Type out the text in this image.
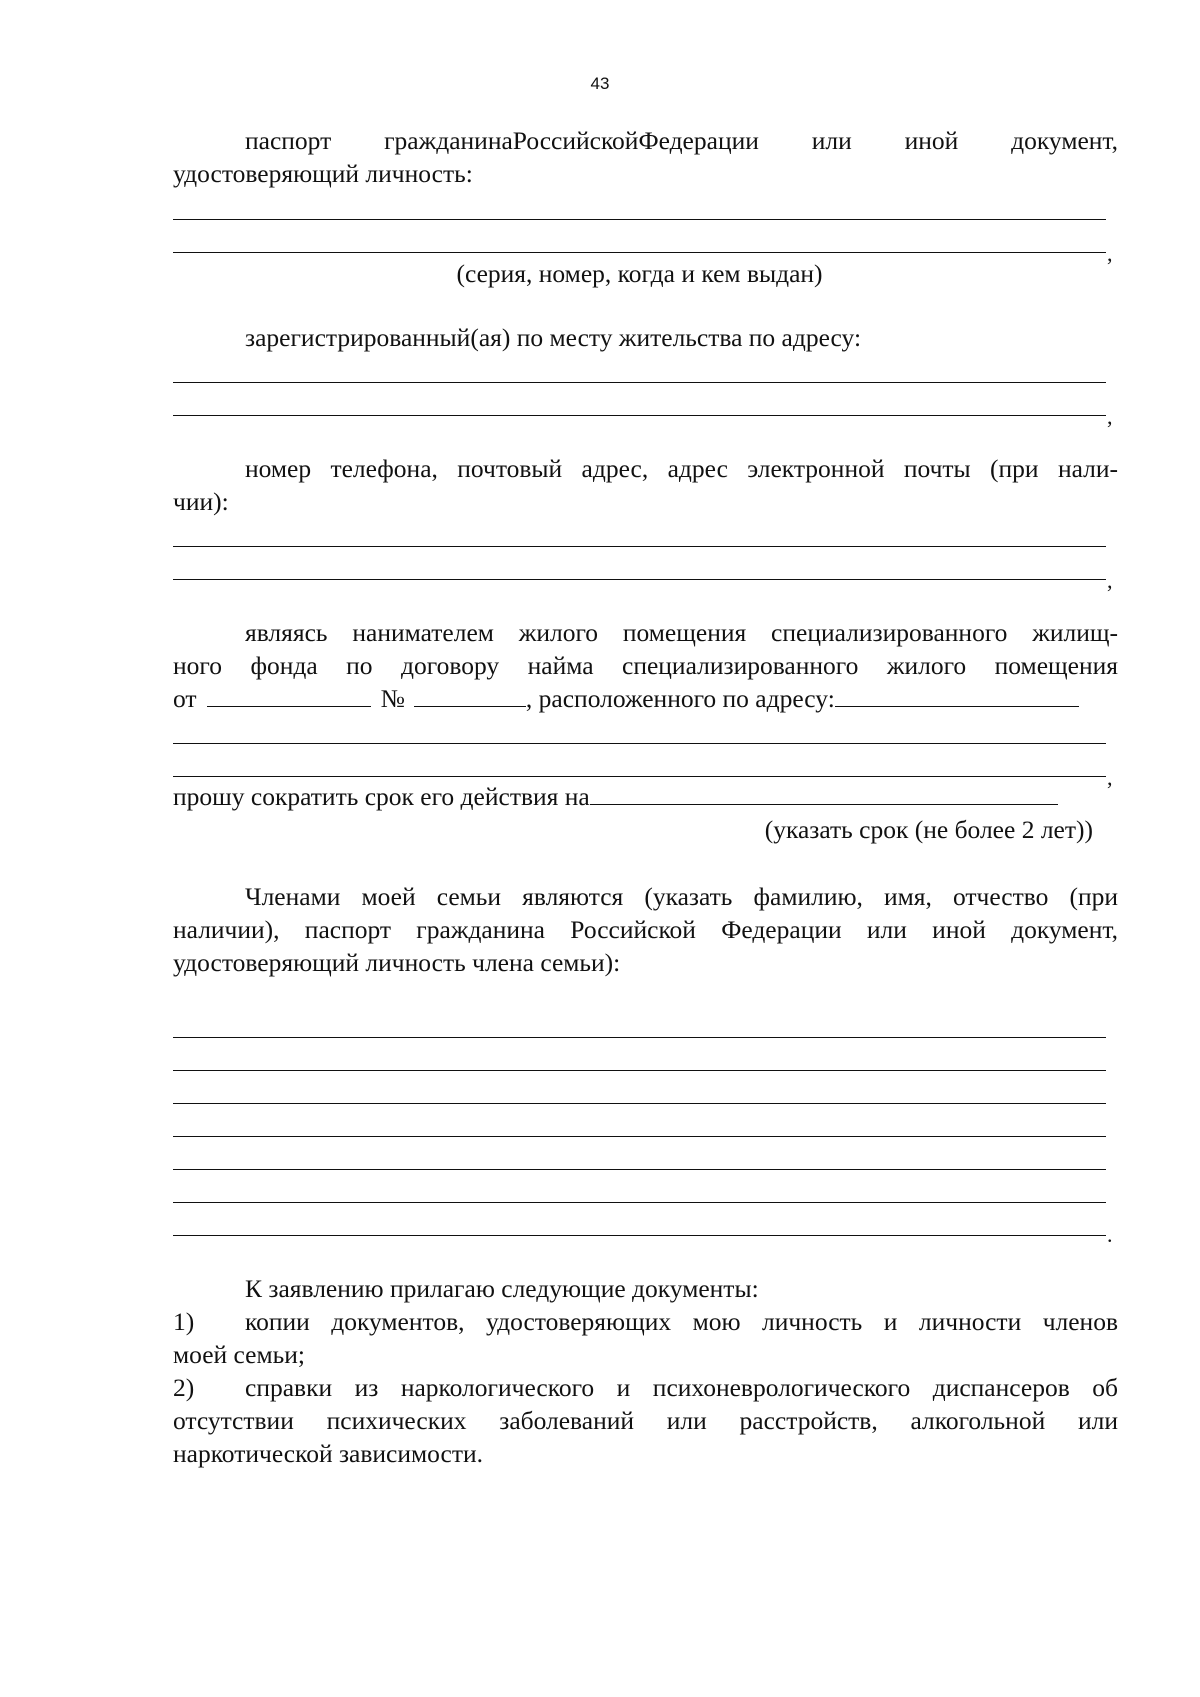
43
паспорт гражданинаРоссийскойФедерации или иной документ,
удостоверяющий личность:
,
(серия, номер, когда и кем выдан)
зарегистрированный(ая) по месту жительства по адресу:
,
номер телефона, почтовый адрес, адрес электронной почты (при нали-
чии):
,
являясь нанимателем жилого помещения специализированного жилищ-
ного фонда по договору найма специализированного жилого помещения
от	№	, расположенного по адресу:
,
прошу сократить срок его действия на
(указать срок (не более 2 лет))
Членами моей семьи являются (указать фамилию, имя, отчество (при
наличии), паспорт гражданина Российской Федерации или иной документ,
удостоверяющий личность члена семьи):
.
К заявлению прилагаю следующие документы:
1)	копии документов, удостоверяющих мою личность и личности членов
моей семьи;
2)	справки из наркологического и психоневрологического диспансеров об
отсутствии психических заболеваний или расстройств, алкогольной или
наркотической зависимости.
